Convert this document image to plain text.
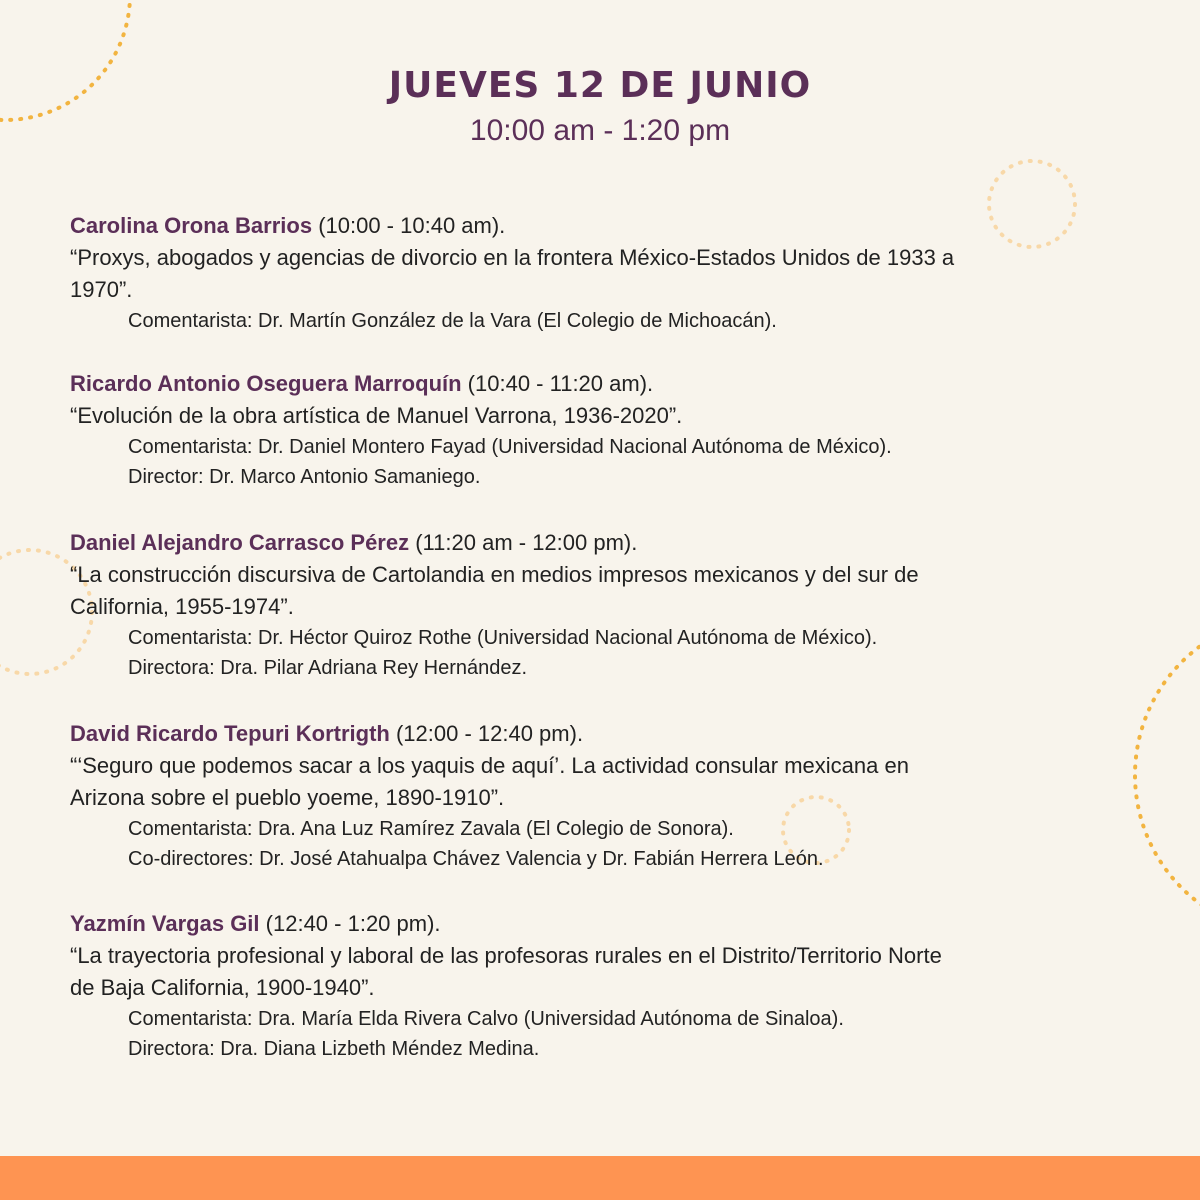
JUEVES 12 DE JUNIO
10:00 am - 1:20 pm

Carolina Orona Barrios (10:00 - 10:40 am).

“Proxys, abogados y agencias de divorcio en la frontera México-Estados Unidos de 1933 a

1970”.

Comentarista: Dr. Martín González de la Vara (El Colegio de Michoacán).

Ricardo Antonio Oseguera Marroquín (10:40 - 11:20 am).

“Evolución de la obra artística de Manuel Varrona, 1936-2020”.

Comentarista: Dr. Daniel Montero Fayad (Universidad Nacional Autónoma de México).

Director: Dr. Marco Antonio Samaniego.

Daniel Alejandro Carrasco Pérez (11:20 am - 12:00 pm).

“La construcción discursiva de Cartolandia en medios impresos mexicanos y del sur de

California, 1955-1974”.

Comentarista: Dr. Héctor Quiroz Rothe (Universidad Nacional Autónoma de México).

Directora: Dra. Pilar Adriana Rey Hernández.

David Ricardo Tepuri Kortrigth (12:00 - 12:40 pm).

“‘Seguro que podemos sacar a los yaquis de aquí’. La actividad consular mexicana en

Arizona sobre el pueblo yoeme, 1890-1910”.

Comentarista: Dra. Ana Luz Ramírez Zavala (El Colegio de Sonora).

Co-directores: Dr. José Atahualpa Chávez Valencia y Dr. Fabián Herrera León.

Yazmín Vargas Gil (12:40 - 1:20 pm).

“La trayectoria profesional y laboral de las profesoras rurales en el Distrito/Territorio Norte

de Baja California, 1900-1940”.

Comentarista: Dra. María Elda Rivera Calvo (Universidad Autónoma de Sinaloa).

Directora: Dra. Diana Lizbeth Méndez Medina.
